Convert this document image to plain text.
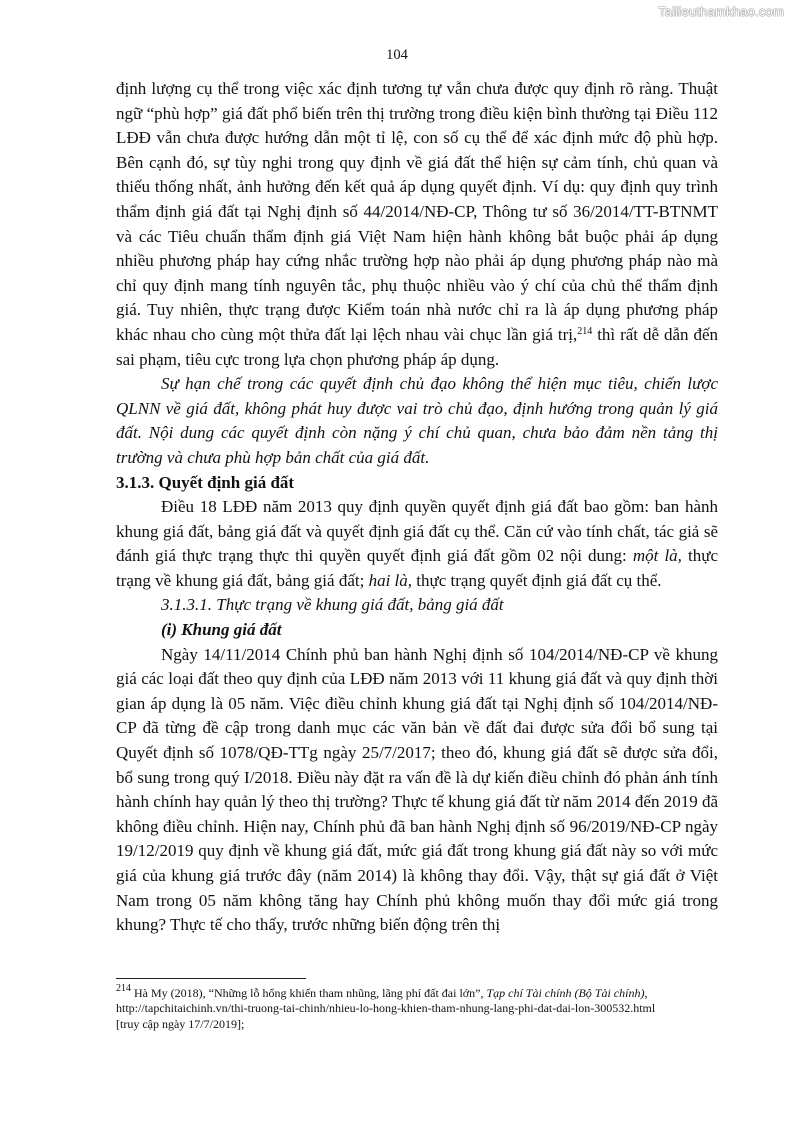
Tailieuthamkhao.com
104

định lượng cụ thể trong việc xác định tương tự vẫn chưa được quy định rõ ràng. Thuật ngữ “phù hợp” giá đất phổ biến trên thị trường trong điều kiện bình thường tại Điều 112 LĐĐ vẫn chưa được hướng dẫn một tỉ lệ, con số cụ thể để xác định mức độ phù hợp. Bên cạnh đó, sự tùy nghi trong quy định về giá đất thể hiện sự cảm tính, chủ quan và thiếu thống nhất, ảnh hưởng đến kết quả áp dụng quyết định. Ví dụ: quy định quy trình thẩm định giá đất tại Nghị định số 44/2014/NĐ-CP, Thông tư số 36/2014/TT-BTNMT và các Tiêu chuẩn thẩm định giá Việt Nam hiện hành không bắt buộc phải áp dụng nhiều phương pháp hay cứng nhắc trường hợp nào phải áp dụng phương pháp nào mà chỉ quy định mang tính nguyên tắc, phụ thuộc nhiều vào ý chí của chủ thể thẩm định giá. Tuy nhiên, thực trạng được Kiểm toán nhà nước chỉ ra là áp dụng phương pháp khác nhau cho cùng một thửa đất lại lệch nhau vài chục lần giá trị,$^{214}$ thì rất dễ dẫn đến sai phạm, tiêu cực trong lựa chọn phương pháp áp dụng.

Sự hạn chế trong các quyết định chủ đạo không thể hiện mục tiêu, chiến lược QLNN về giá đất, không phát huy được vai trò chủ đạo, định hướng trong quản lý giá đất. Nội dung các quyết định còn nặng ý chí chủ quan, chưa bảo đảm nền tảng thị trường và chưa phù hợp bản chất của giá đất.

3.1.3. Quyết định giá đất

Điều 18 LĐĐ năm 2013 quy định quyền quyết định giá đất bao gồm: ban hành khung giá đất, bảng giá đất và quyết định giá đất cụ thể. Căn cứ vào tính chất, tác giả sẽ đánh giá thực trạng thực thi quyền quyết định giá đất gồm 02 nội dung: một là, thực trạng về khung giá đất, bảng giá đất; hai là, thực trạng quyết định giá đất cụ thể.

3.1.3.1. Thực trạng về khung giá đất, bảng giá đất

(i) Khung giá đất

Ngày 14/11/2014 Chính phủ ban hành Nghị định số 104/2014/NĐ-CP về khung giá các loại đất theo quy định của LĐĐ năm 2013 với 11 khung giá đất và quy định thời gian áp dụng là 05 năm. Việc điều chỉnh khung giá đất tại Nghị định số 104/2014/NĐ-CP đã từng đề cập trong danh mục các văn bản về đất đai được sửa đổi bổ sung tại Quyết định số 1078/QĐ-TTg ngày 25/7/2017; theo đó, khung giá đất sẽ được sửa đổi, bổ sung trong quý I/2018. Điều này đặt ra vấn đề là dự kiến điều chỉnh đó phản ánh tính hành chính hay quản lý theo thị trường? Thực tế khung giá đất từ năm 2014 đến 2019 đã không điều chỉnh. Hiện nay, Chính phủ đã ban hành Nghị định số 96/2019/NĐ-CP ngày 19/12/2019 quy định về khung giá đất, mức giá đất trong khung giá đất này so với mức giá của khung giá trước đây (năm 2014) là không thay đổi. Vậy, thật sự giá đất ở Việt Nam trong 05 năm không tăng hay Chính phủ không muốn thay đổi mức giá trong khung? Thực tế cho thấy, trước những biến động trên thị

$^{214}$ Hà My (2018), “Những lỗ hổng khiến tham nhũng, lãng phí đất đai lớn”, Tạp chí Tài chính (Bộ Tài chính),

http://tapchitaichinh.vn/thi-truong-tai-chinh/nhieu-lo-hong-khien-tham-nhung-lang-phi-dat-dai-lon-300532.html

[truy cập ngày 17/7/2019];
